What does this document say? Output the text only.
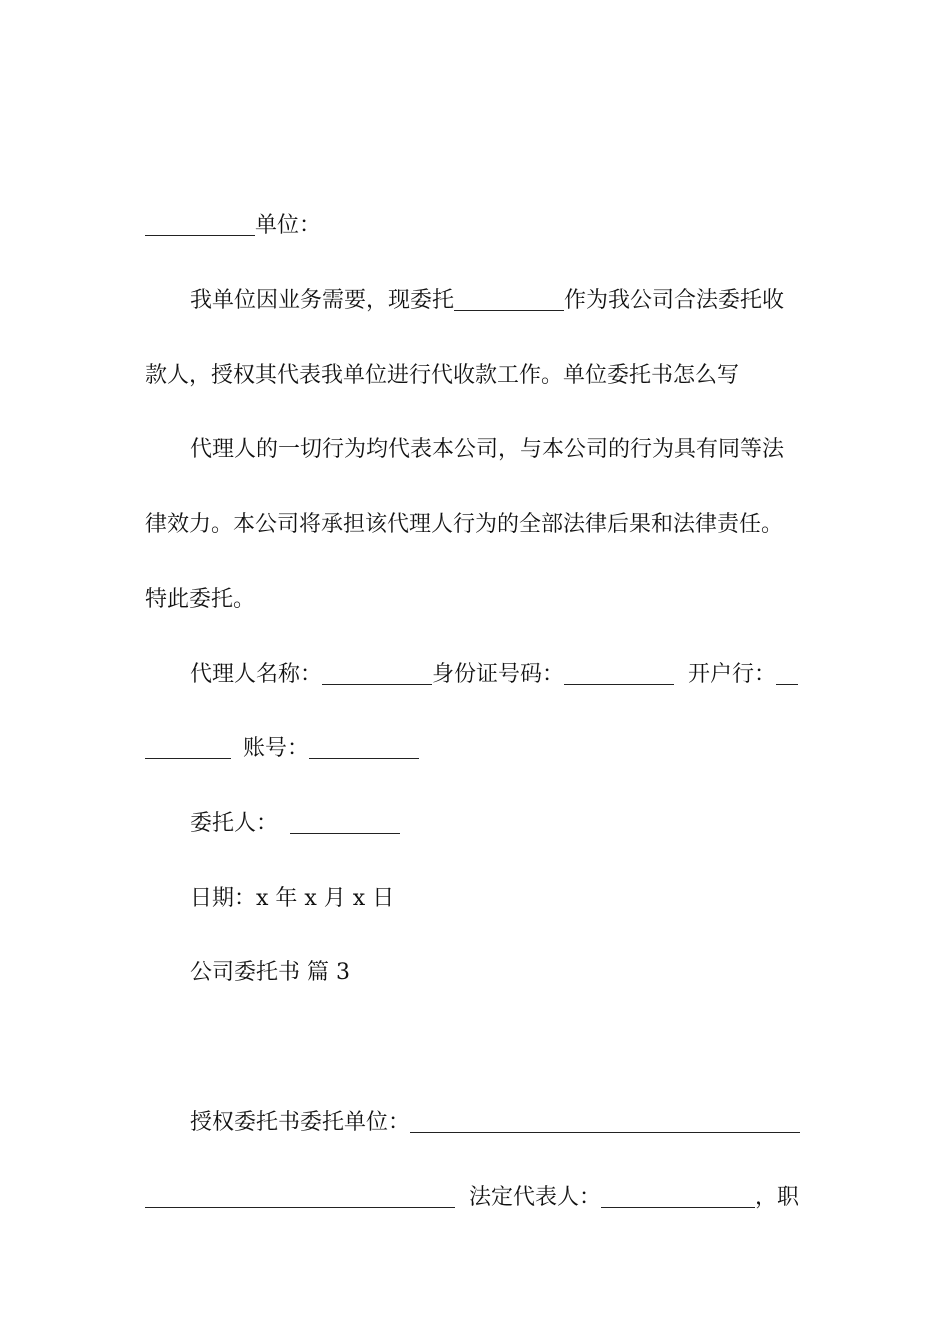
单位：
我单位因业务需要，现委托	作为我公司合法委托收
款人，授权其代表我单位进行代收款工作。单位委托书怎么写
代理人的一切行为均代表本公司，与本公司的行为具有同等法
律效力。本公司将承担该代理人行为的全部法律后果和法律责任。
特此委托。
代理人名称：	身份证号码：	开户行：
账号：
委托人：
日期：x 年 x 月 x 日
公司委托书 篇 3
授权委托书委托单位：
法定代表人：	，职
